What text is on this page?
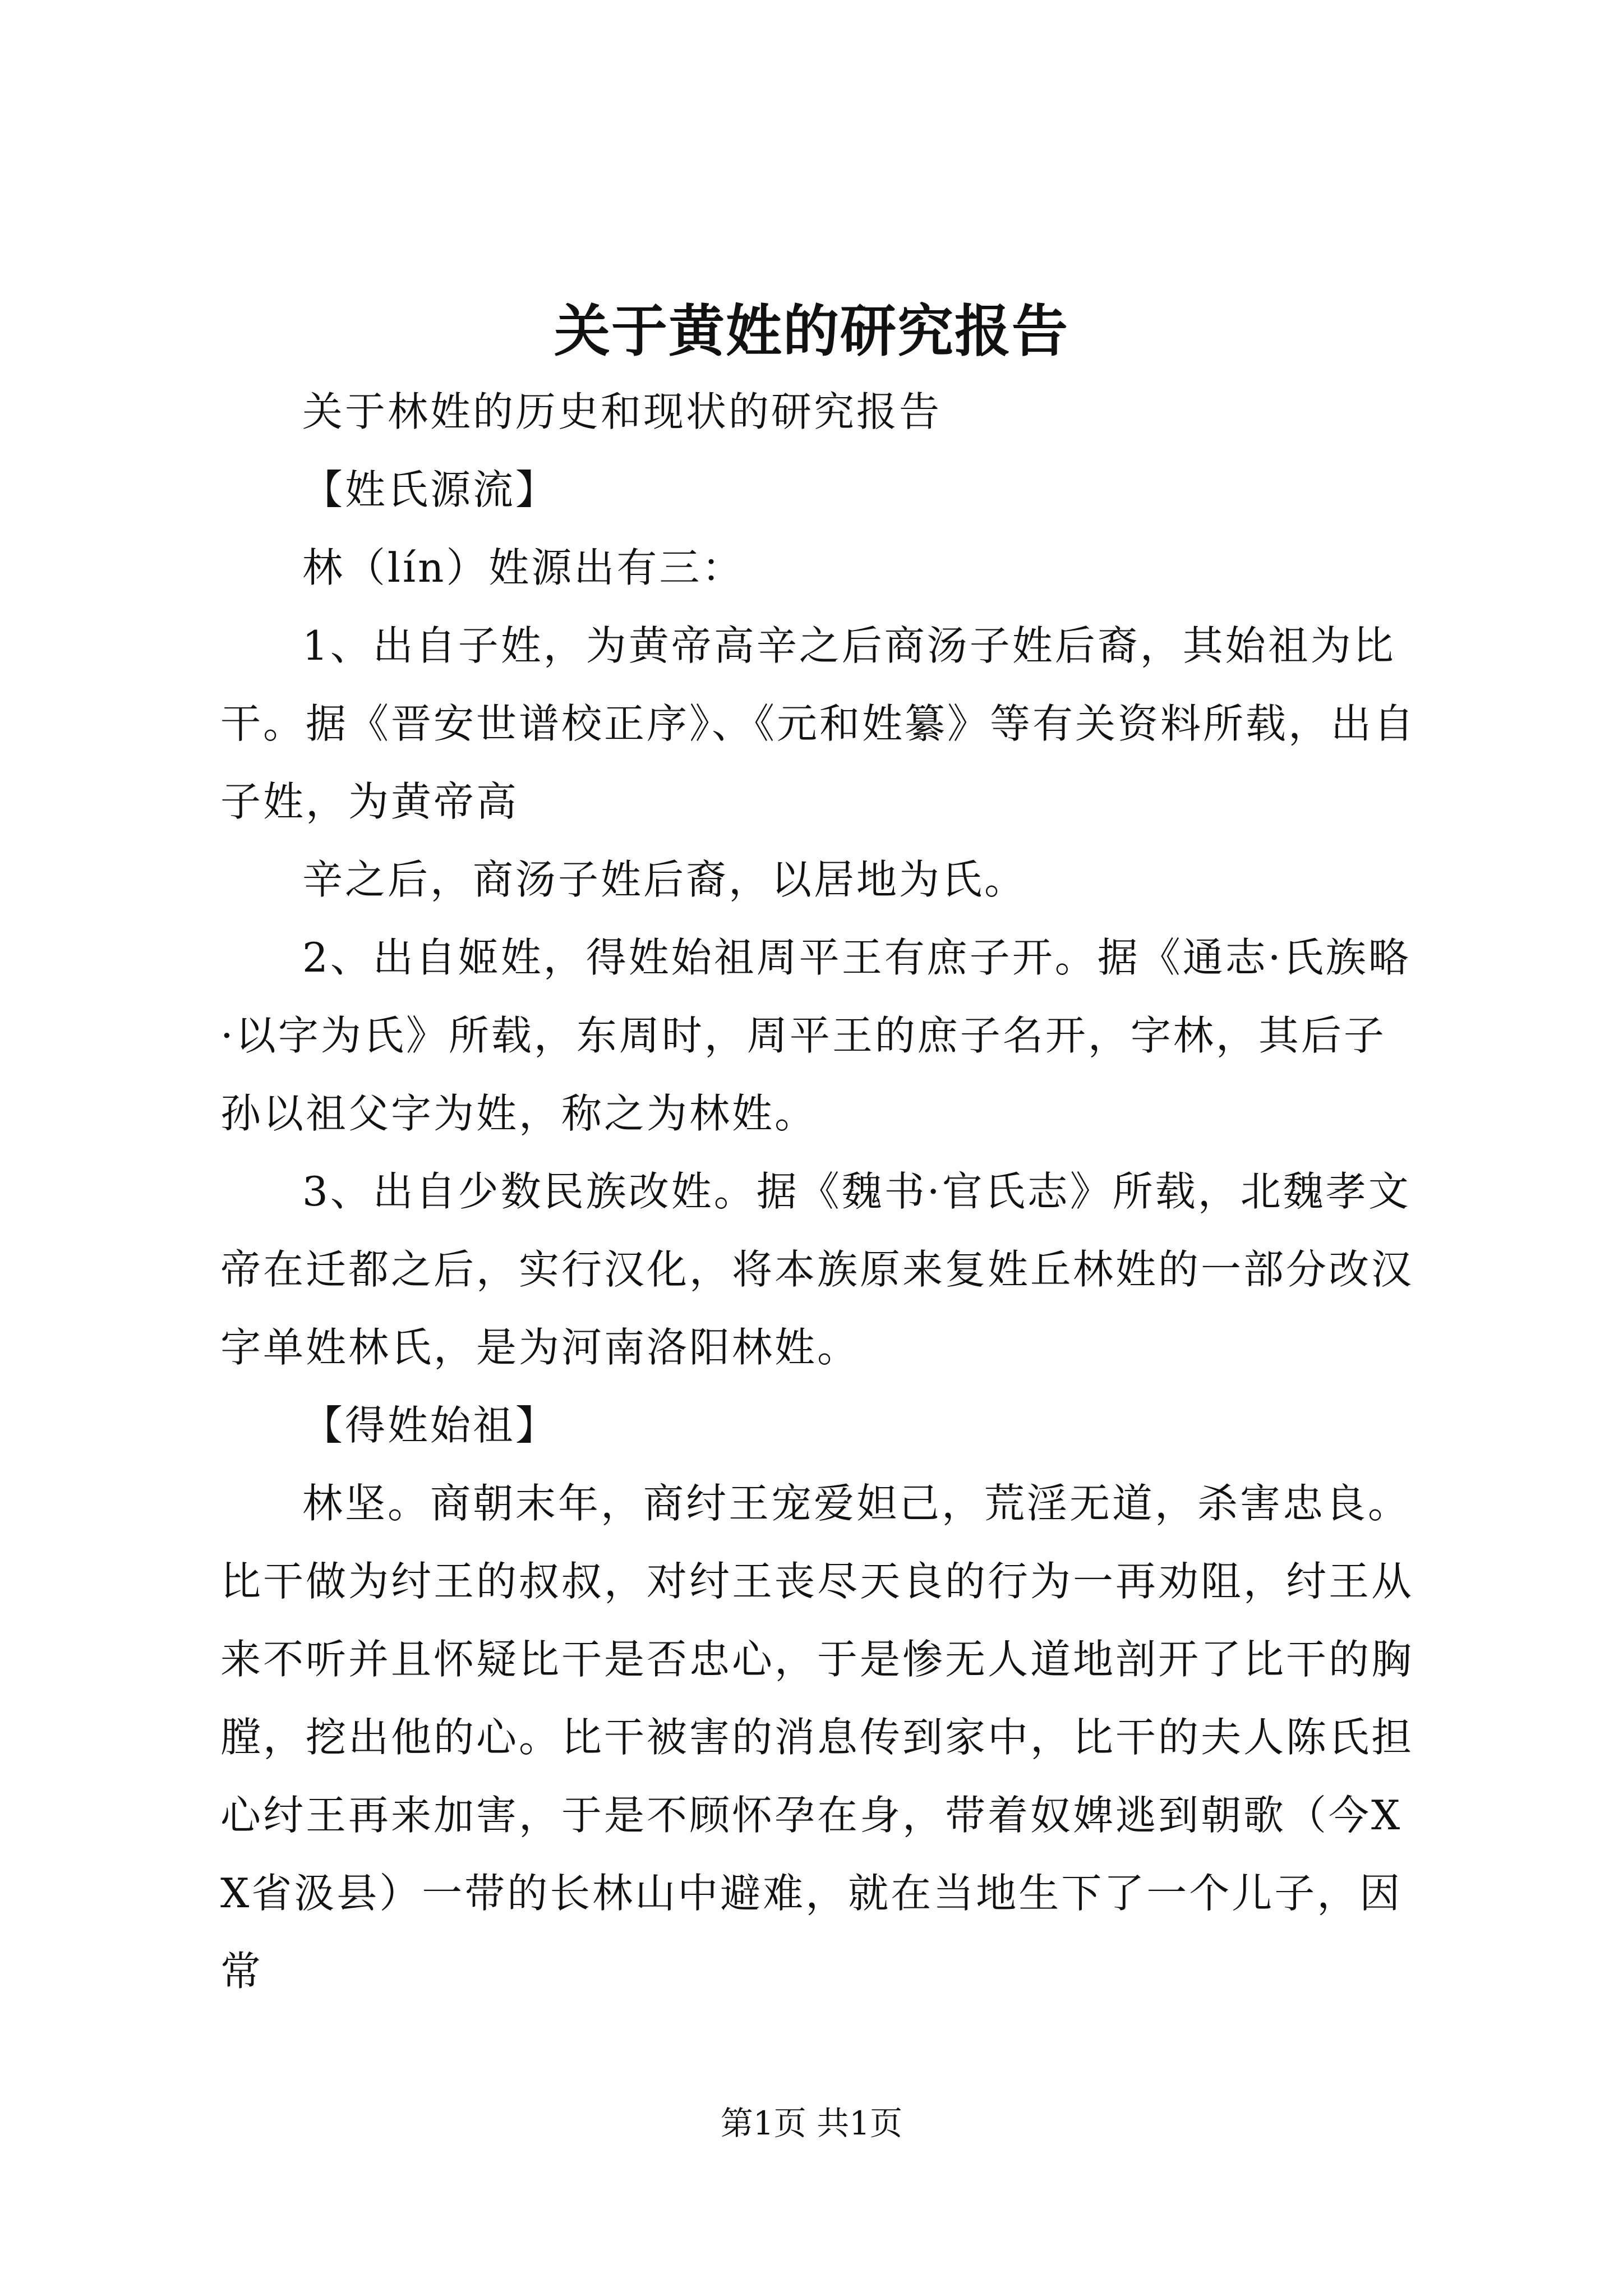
关于黄姓的研究报告

关于林姓的历史和现状的研究报告

【姓氏源流】

林（lín）姓源出有三：

1、出自子姓，为黄帝高辛之后商汤子姓后裔，其始祖为比干。据《晋安世谱校正序》、《元和姓纂》等有关资料所载，出自子姓，为黄帝高

辛之后，商汤子姓后裔，以居地为氏。

2、出自姬姓，得姓始祖周平王有庶子开。据《通志·氏族略·以字为氏》所载，东周时，周平王的庶子名开，字林，其后子孙以祖父字为姓，称之为林姓。

3、出自少数民族改姓。据《魏书·官氏志》所载，北魏孝文帝在迁都之后，实行汉化，将本族原来复姓丘林姓的一部分改汉字单姓林氏，是为河南洛阳林姓。

【得姓始祖】

林坚。商朝末年，商纣王宠爱妲己，荒淫无道，杀害忠良。比干做为纣王的叔叔，对纣王丧尽天良的行为一再劝阻，纣王从来不听并且怀疑比干是否忠心，于是惨无人道地剖开了比干的胸膛，挖出他的心。比干被害的消息传到家中，比干的夫人陈氏担心纣王再来加害，于是不顾怀孕在身，带着奴婢逃到朝歌（今XX省汲县）一带的长林山中避难，就在当地生下了一个儿子，因常

第1页 共1页
